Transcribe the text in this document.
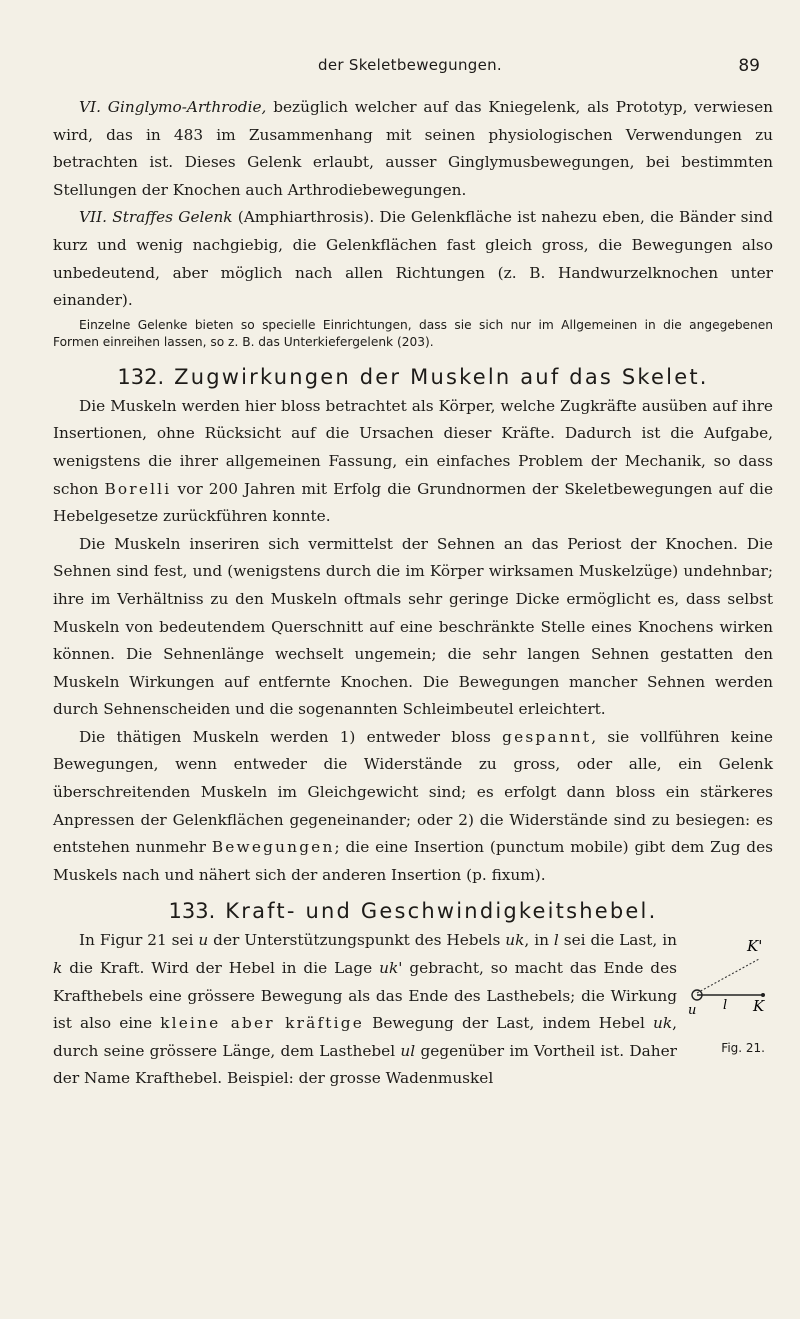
der Skeletbewegungen.	89

VI. Ginglymo-Arthrodie, bezüglich welcher auf das Kniegelenk, als Prototyp, verwiesen wird, das in 483 im Zusammenhang mit seinen physiologischen Verwendungen zu betrachten ist. Dieses Gelenk erlaubt, ausser Ginglymusbewegungen, bei bestimmten Stellungen der Knochen auch Arthrodiebewegungen.

VII. Straffes Gelenk (Amphiarthrosis). Die Gelenkfläche ist nahezu eben, die Bänder sind kurz und wenig nachgiebig, die Gelenkflächen fast gleich gross, die Bewegungen also unbedeutend, aber möglich nach allen Richtungen (z. B. Handwurzelknochen unter einander).

Einzelne Gelenke bieten so specielle Einrichtungen, dass sie sich nur im Allgemeinen in die angegebenen Formen einreihen lassen, so z. B. das Unterkiefergelenk (203).

132. Zugwirkungen der Muskeln auf das Skelet.

Die Muskeln werden hier bloss betrachtet als Körper, welche Zugkräfte ausüben auf ihre Insertionen, ohne Rücksicht auf die Ursachen dieser Kräfte. Dadurch ist die Aufgabe, wenigstens die ihrer allgemeinen Fassung, ein einfaches Problem der Mechanik, so dass schon Borelli vor 200 Jahren mit Erfolg die Grundnormen der Skeletbewegungen auf die Hebelgesetze zurückführen konnte.

Die Muskeln inseriren sich vermittelst der Sehnen an das Periost der Knochen. Die Sehnen sind fest, und (wenigstens durch die im Körper wirksamen Muskelzüge) undehnbar; ihre im Verhältniss zu den Muskeln oftmals sehr geringe Dicke ermöglicht es, dass selbst Muskeln von bedeutendem Querschnitt auf eine beschränkte Stelle eines Knochens wirken können. Die Sehnenlänge wechselt ungemein; die sehr langen Sehnen gestatten den Muskeln Wirkungen auf entfernte Knochen. Die Bewegungen mancher Sehnen werden durch Sehnenscheiden und die sogenannten Schleimbeutel erleichtert.

Die thätigen Muskeln werden 1) entweder bloss gespannt, sie vollführen keine Bewegungen, wenn entweder die Widerstände zu gross, oder alle, ein Gelenk überschreitenden Muskeln im Gleichgewicht sind; es erfolgt dann bloss ein stärkeres Anpressen der Gelenkflächen gegeneinander; oder 2) die Widerstände sind zu besiegen: es entstehen nunmehr Bewegungen; die eine Insertion (punctum mobile) gibt dem Zug des Muskels nach und nähert sich der anderen Insertion (p. fixum).

133. Kraft- und Geschwindigkeitshebel.
K'
u l K
Fig. 21.

In Figur 21 sei u der Unterstützungspunkt des Hebels uk, in l sei die Last, in k die Kraft. Wird der Hebel in die Lage uk' gebracht, so macht das Ende des Krafthebels eine grössere Bewegung als das Ende des Lasthebels; die Wirkung ist also eine kleine aber kräftige Bewegung der Last, indem Hebel uk, durch seine grössere Länge, dem Lasthebel ul gegenüber im Vortheil ist. Daher der Name Krafthebel. Beispiel: der grosse Wadenmuskel
